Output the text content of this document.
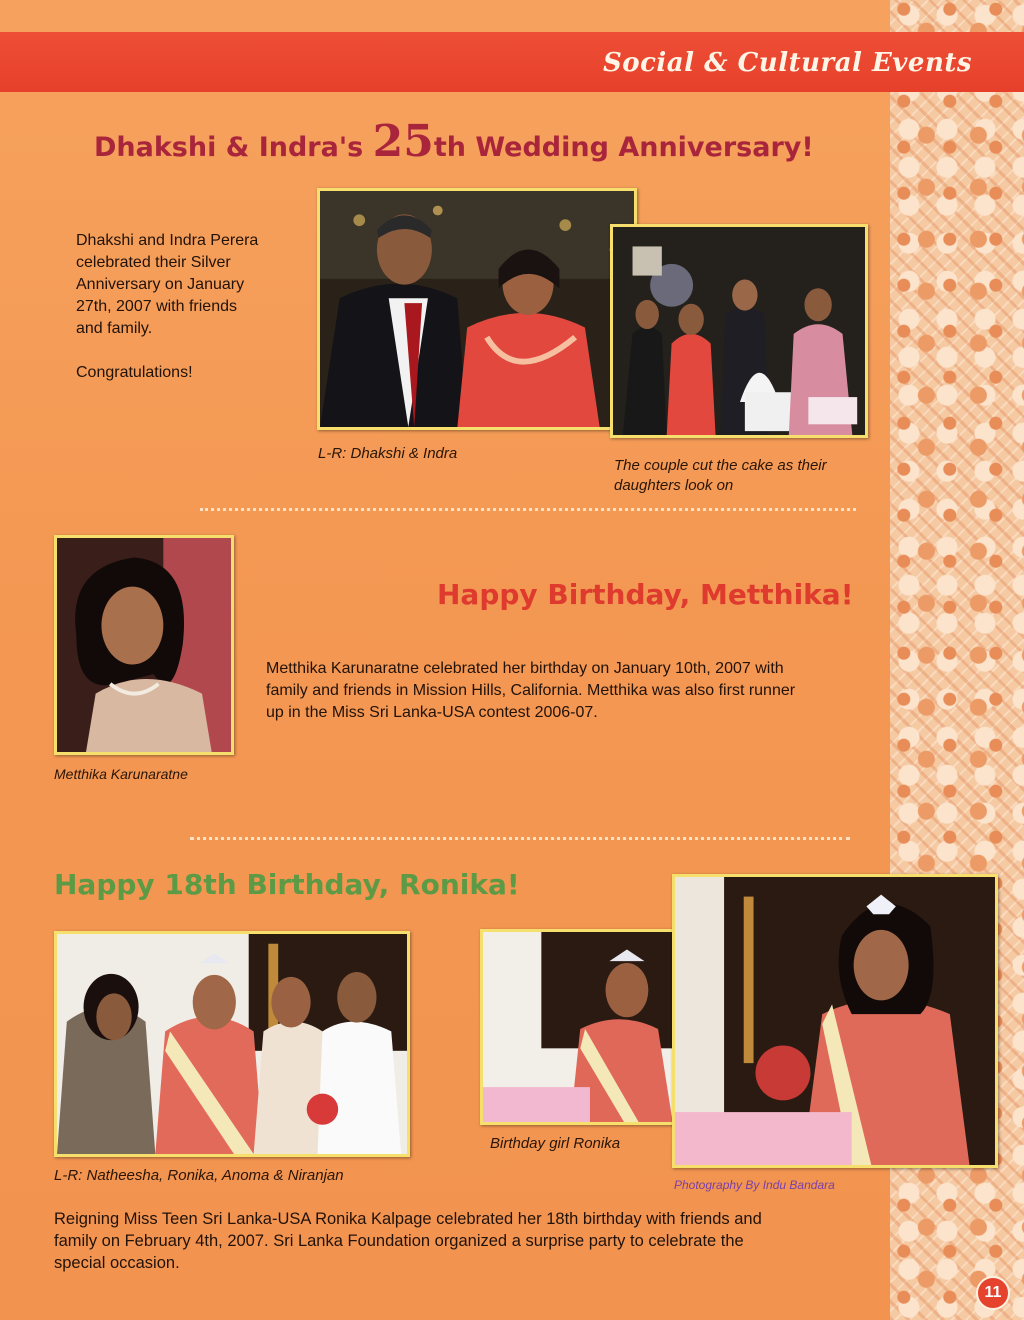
Social & Cultural Events
Dhakshi & Indra's 25th Wedding Anniversary!
Dhakshi and Indra Perera
celebrated their Silver
Anniversary on January
27th, 2007 with friends
and family.
Congratulations!
L-R: Dhakshi & Indra
The couple cut the cake as their
daughters look on
Metthika Karunaratne
Happy Birthday, Metthika!
Metthika Karunaratne celebrated her birthday on January 10th, 2007 with
family and friends in Mission Hills, California. Metthika was also first runner
up in the Miss Sri Lanka-USA contest 2006-07.
Happy 18th Birthday, Ronika!
L-R: Natheesha, Ronika, Anoma & Niranjan
Birthday girl Ronika
Photography By Indu Bandara
Reigning Miss Teen Sri Lanka-USA Ronika Kalpage celebrated her 18th birthday with friends and
family on February 4th, 2007. Sri Lanka Foundation organized a surprise party to celebrate the
special occasion.
11
